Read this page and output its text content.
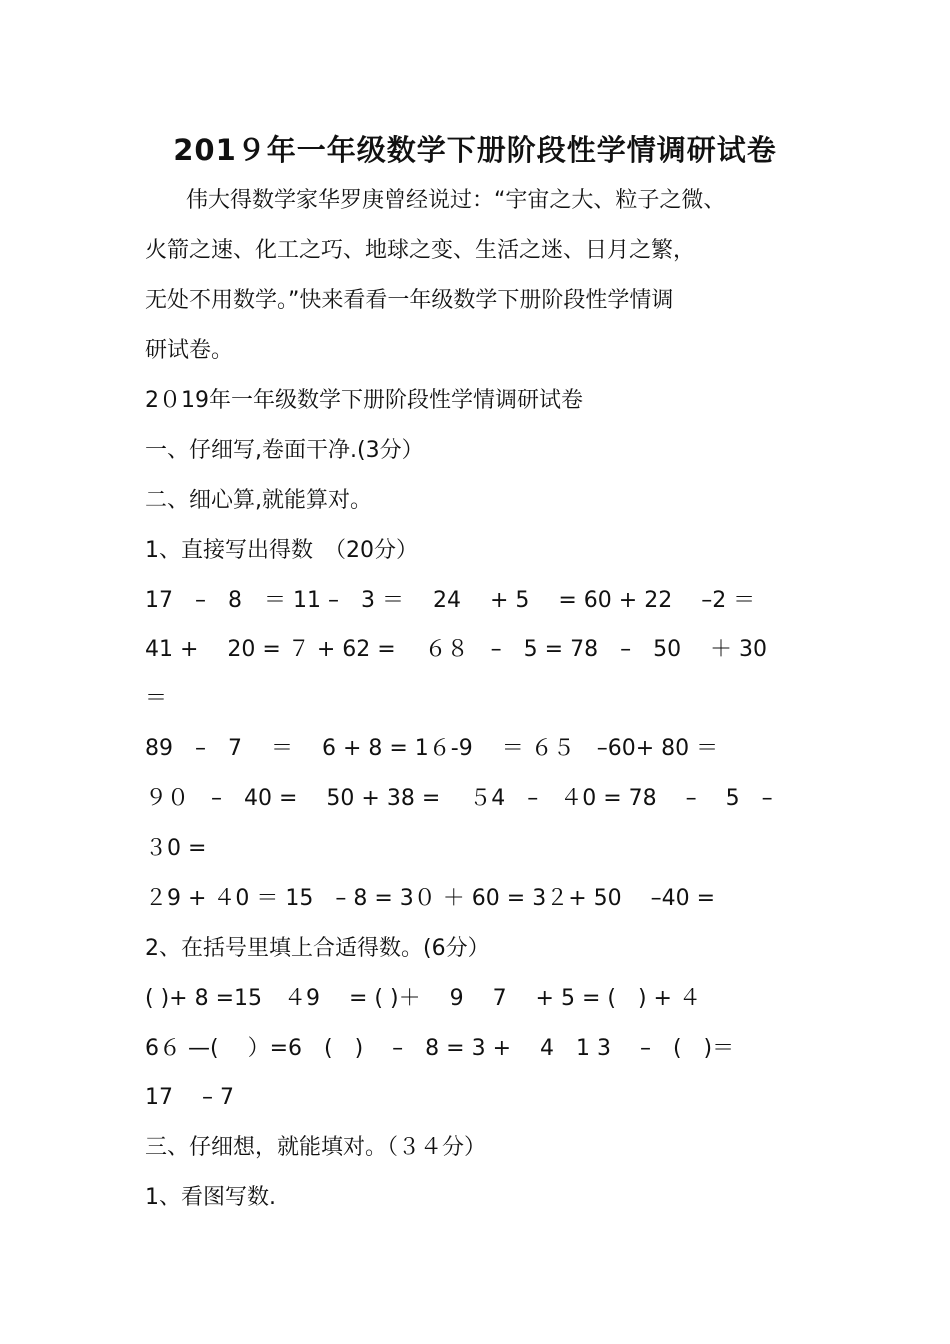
201９年一年级数学下册阶段性学情调研试卷
伟大得数学家华罗庚曾经说过：“宇宙之大、粒子之微、
火箭之速、化工之巧、地球之变、生活之迷、日月之繁，
无处不用数学。”快来看看一年级数学下册阶段性学情调
研试卷。
2０19年一年级数学下册阶段性学情调研试卷
一、仔细写,卷面干净.(3分）
二、细心算,就能算对。
1、直接写出得数　（20分）
17　–　8　＝ 11 –　3 ＝　 24　 + 5　 = 60 + 22　 –2 ＝
41 +　 20 = ７ + 62 =　 ６８　–　5 = 78　–　50　 ＋ 30
＝
89　–　7　 ＝　 6 + 8 = 1６-9　 ＝ ６５　–60+ 80 ＝
９０　–　40 =　 50 + 38 =　 ５4　–　４0 = 78　 –　 5　–
３0 =
２9 + ４0 ＝ 15　– 8 = 3０ ＋ 60 = 3２+ 50　 –40 =
2、在括号里填上合适得数。(6分）
( )+ 8 =15　４9　 = ( )＋　 9　 7　 + 5 = (　) + ４
6６ —(　 ）=6　(　)　 –　8 = 3 +　 4　1 3　 –　(　)＝
17　 – 7
三、仔细想，就能填对。（３４分）
1、看图写数.
